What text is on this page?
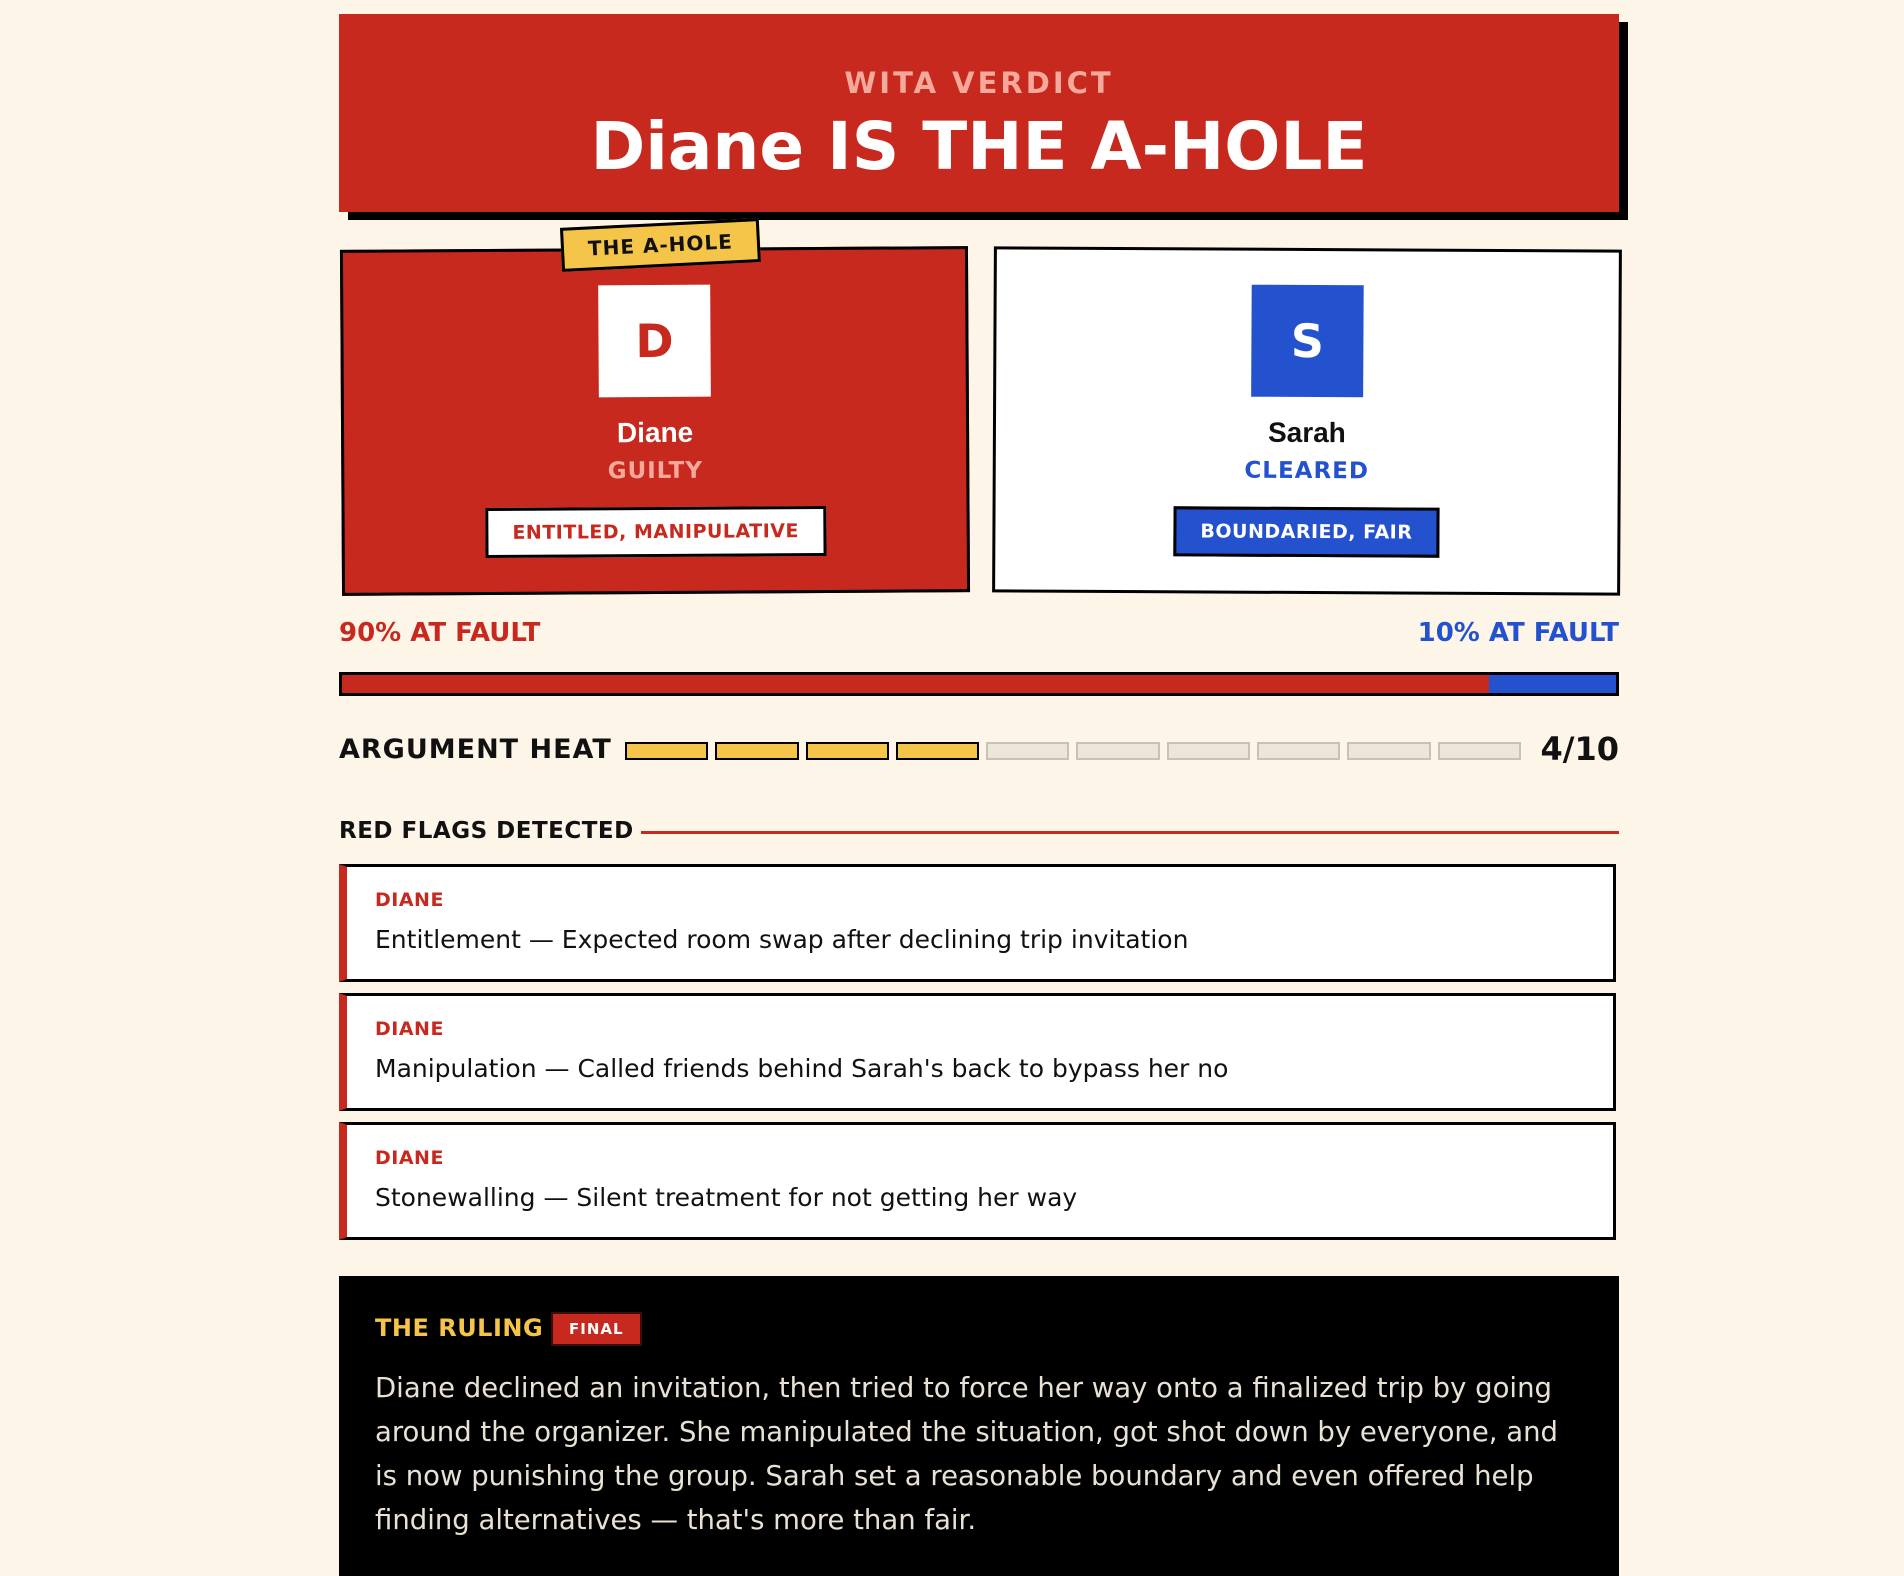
WITA VERDICT
Diane IS THE A-HOLE
THE A-HOLE
D
Diane
GUILTY
ENTITLED, MANIPULATIVE
S
Sarah
CLEARED
BOUNDARIED, FAIR
90% AT FAULT	10% AT FAULT
ARGUMENT HEAT	4/10
RED FLAGS DETECTED
DIANE
Entitlement — Expected room swap after declining trip invitation
DIANE
Manipulation — Called friends behind Sarah's back to bypass her no
DIANE
Stonewalling — Silent treatment for not getting her way
THE RULING	FINAL
Diane declined an invitation, then tried to force her way onto a finalized trip by going around the organizer. She manipulated the situation, got shot down by everyone, and is now punishing the group. Sarah set a reasonable boundary and even offered help finding alternatives — that's more than fair.
